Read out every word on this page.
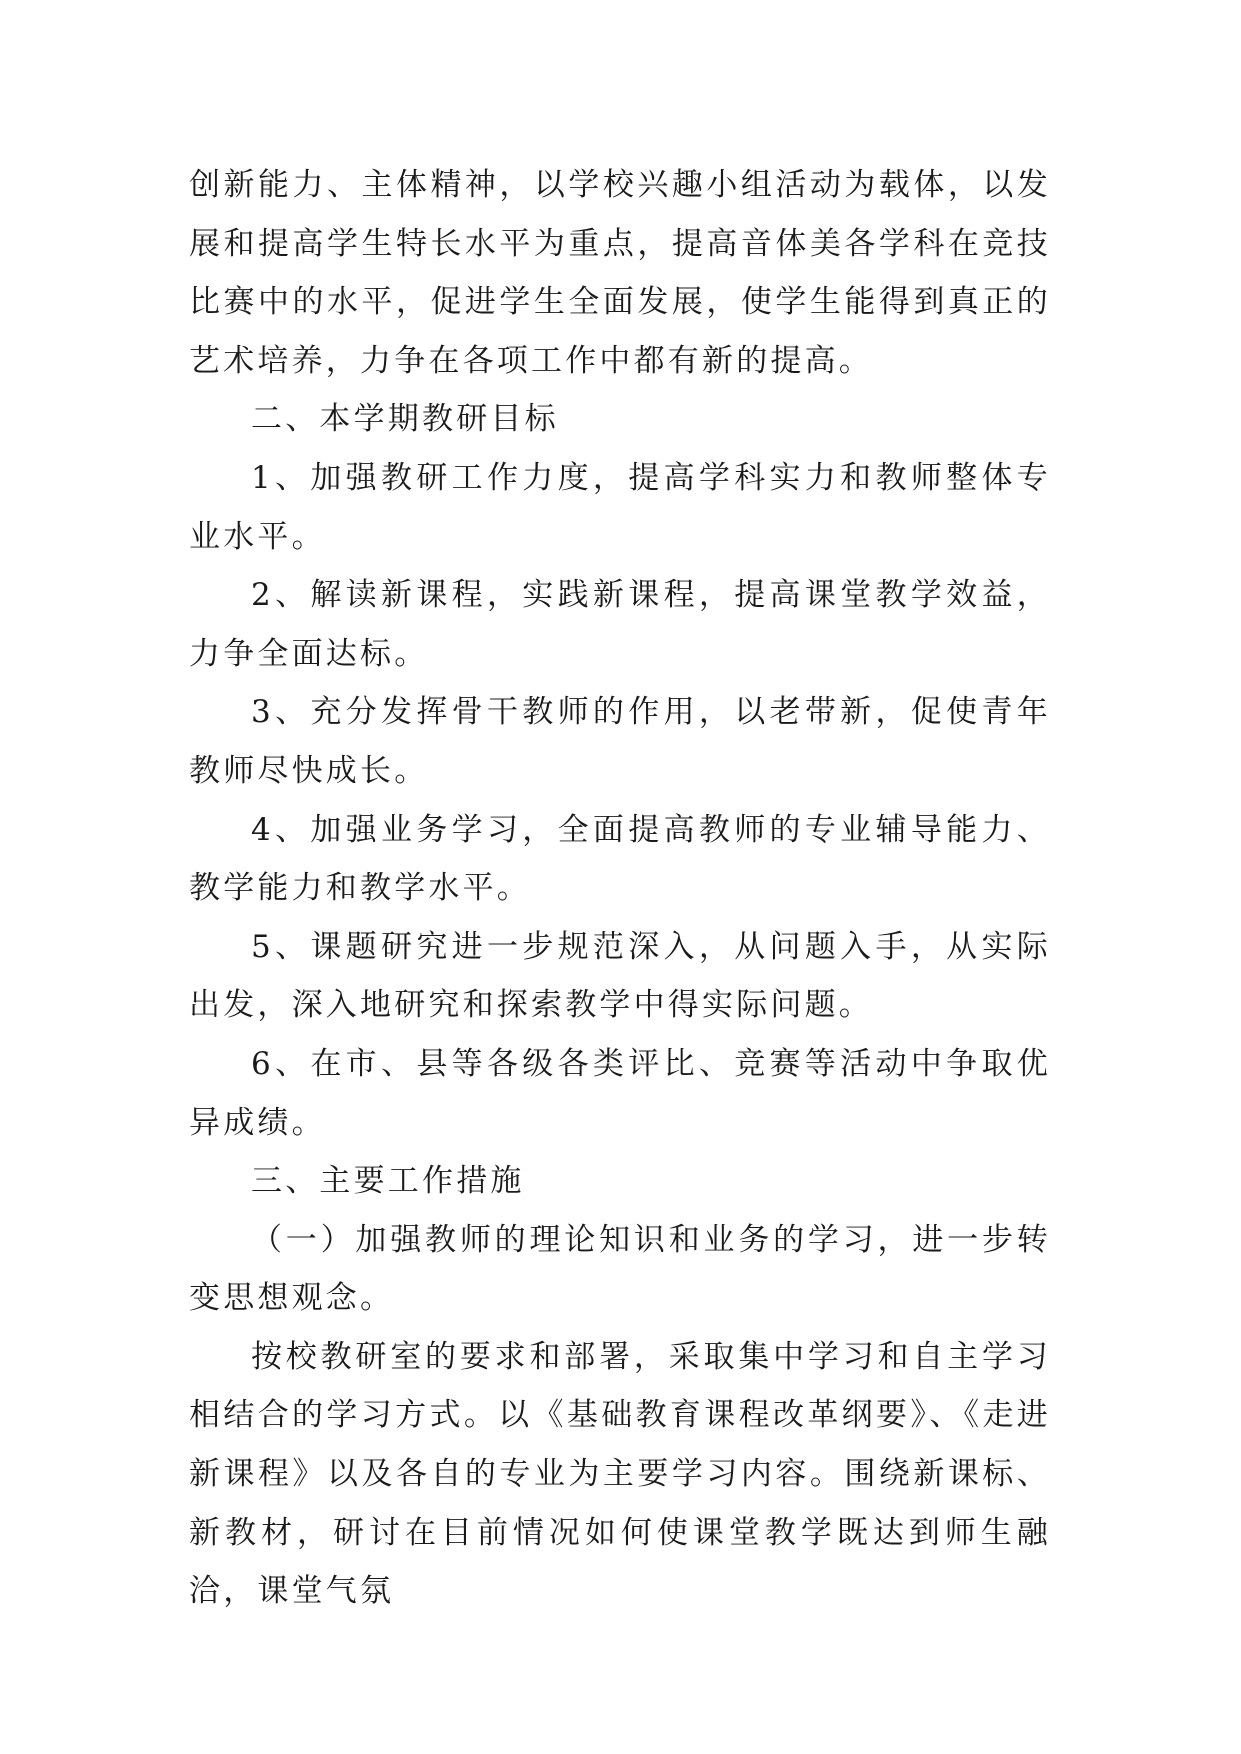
创新能力、主体精神，以学校兴趣小组活动为载体，以发展和提高学生特长水平为重点，提高音体美各学科在竞技比赛中的水平，促进学生全面发展，使学生能得到真正的艺术培养，力争在各项工作中都有新的提高。

二、本学期教研目标

1、加强教研工作力度，提高学科实力和教师整体专业水平。

2、解读新课程，实践新课程，提高课堂教学效益，力争全面达标。

3、充分发挥骨干教师的作用，以老带新，促使青年教师尽快成长。

4、加强业务学习，全面提高教师的专业辅导能力、教学能力和教学水平。

5、课题研究进一步规范深入，从问题入手，从实际出发，深入地研究和探索教学中得实际问题。

6、在市、县等各级各类评比、竞赛等活动中争取优异成绩。

三、主要工作措施

（一）加强教师的理论知识和业务的学习，进一步转变思想观念。

按校教研室的要求和部署，采取集中学习和自主学习相结合的学习方式。以《基础教育课程改革纲要》、《走进新课程》以及各自的专业为主要学习内容。围绕新课标、新教材，研讨在目前情况如何使课堂教学既达到师生融洽，课堂气氛
